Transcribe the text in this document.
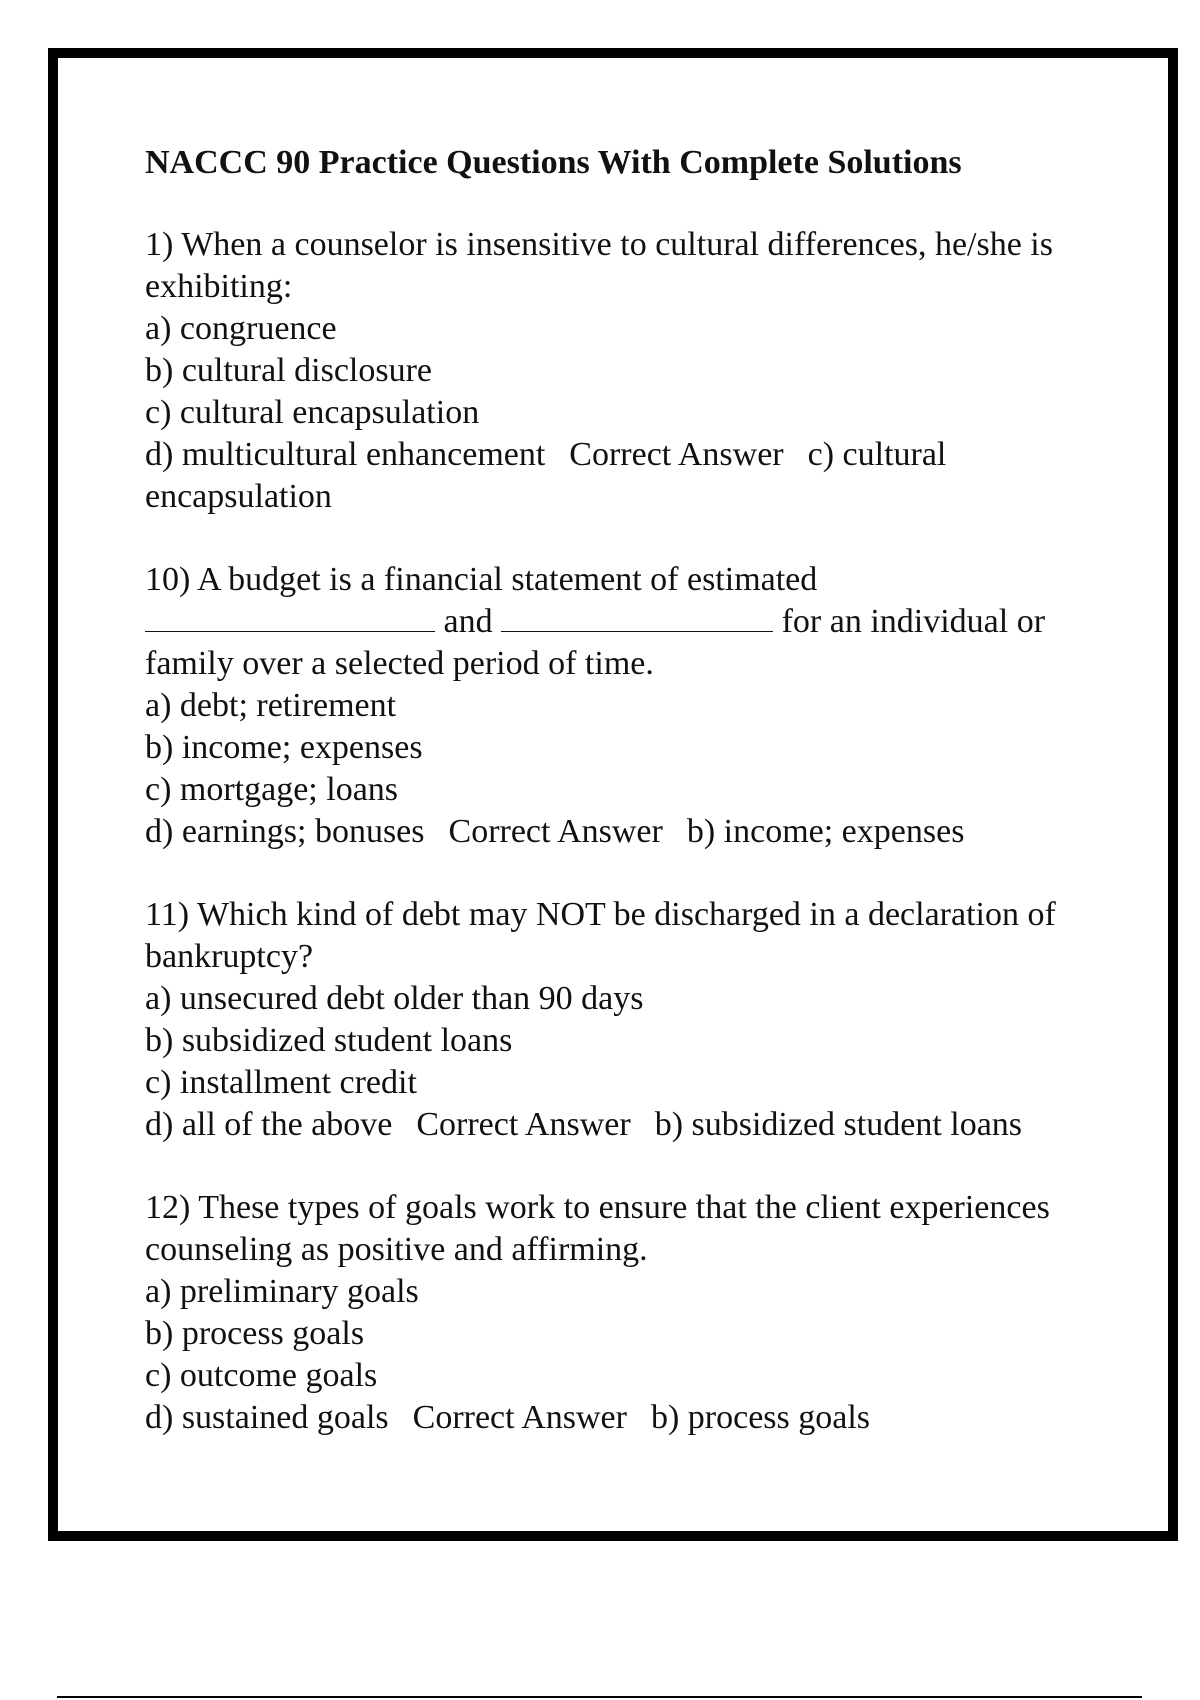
NACCC 90 Practice Questions With Complete Solutions

1) When a counselor is insensitive to cultural differences, he/she is exhibiting:

a) congruence

b) cultural disclosure

c) cultural encapsulation

d) multicultural enhancement Correct Answer c) cultural encapsulation

10) A budget is a financial statement of estimated

and	for an individual or

family over a selected period of time.

a) debt; retirement

b) income; expenses

c) mortgage; loans

d) earnings; bonuses Correct Answer b) income; expenses

11) Which kind of debt may NOT be discharged in a declaration of bankruptcy?

a) unsecured debt older than 90 days

b) subsidized student loans

c) installment credit

d) all of the above Correct Answer b) subsidized student loans

12) These types of goals work to ensure that the client experiences counseling as positive and affirming.

a) preliminary goals

b) process goals

c) outcome goals

d) sustained goals Correct Answer b) process goals
